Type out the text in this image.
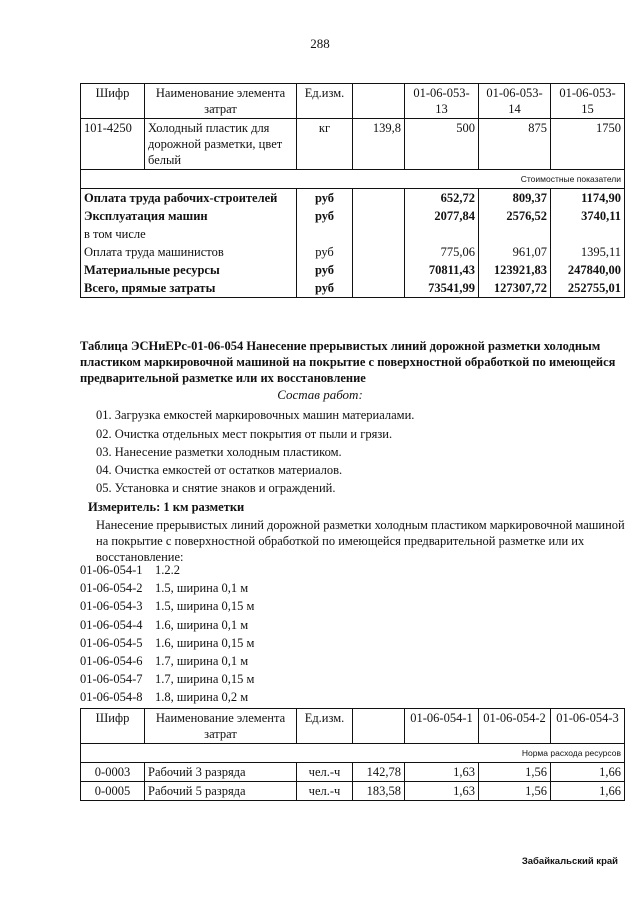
288
Шифр	Наименование элемента затрат	Ед.изм.		01-06-053-13	01-06-053-14	01-06-053-15
101-4250	Холодный пластик для дорожной разметки, цвет белый	кг	139,8	500	875	1750
Стоимостные показатели						
Оплата труда рабочих-строителей		руб		652,72	809,37	1174,90
Эксплуатация машин		руб		2077,84	2576,52	3740,11
в том числе						
Оплата труда машинистов		руб		775,06	961,07	1395,11
Материальные ресурсы		руб		70811,43	123921,83	247840,00
Всего, прямые затраты		руб		73541,99	127307,72	252755,01
Таблица ЭСНиЕРс-01-06-054 Нанесение прерывистых линий дорожной разметки холодным пластиком маркировочной машиной на покрытие с поверхностной обработкой по имеющейся предварительной разметке или их восстановление
Состав работ:
01. Загрузка емкостей маркировочных машин материалами.
02. Очистка отдельных мест покрытия от пыли и грязи.
03. Нанесение разметки холодным пластиком.
04. Очистка емкостей от остатков материалов.
05. Установка и снятие знаков и ограждений.
Измеритель: 1 км разметки
Нанесение прерывистых линий дорожной разметки холодным пластиком маркировочной машиной на покрытие с поверхностной обработкой по имеющейся предварительной разметке или их восстановление:
01-06-054-1 1.2.2
01-06-054-2 1.5, ширина 0,1 м
01-06-054-3 1.5, ширина 0,15 м
01-06-054-4 1.6, ширина 0,1 м
01-06-054-5 1.6, ширина 0,15 м
01-06-054-6 1.7, ширина 0,1 м
01-06-054-7 1.7, ширина 0,15 м
01-06-054-8 1.8, ширина 0,2 м
Шифр	Наименование элемента затрат	Ед.изм.		01-06-054-1	01-06-054-2	01-06-054-3
Норма расхода ресурсов						
0-0003	Рабочий 3 разряда	чел.-ч	142,78	1,63	1,56	1,66
0-0005	Рабочий 5 разряда	чел.-ч	183,58	1,63	1,56	1,66
Забайкальский край
